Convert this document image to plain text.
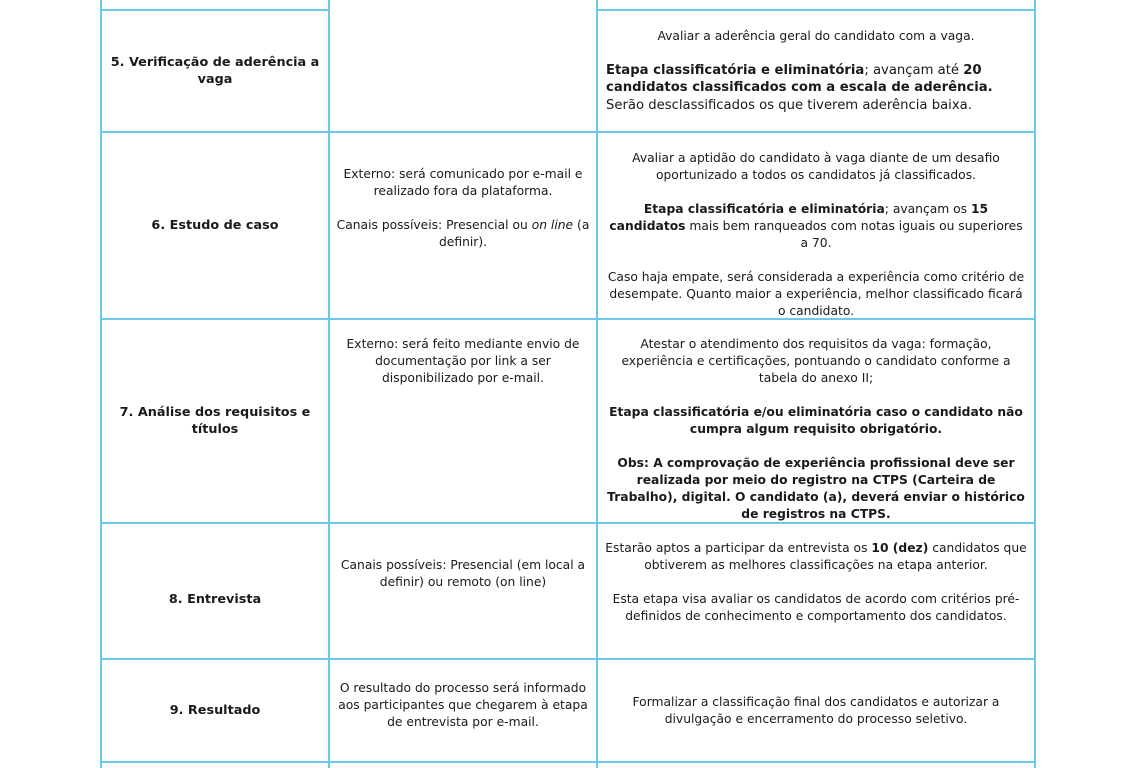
5. Verificação de aderência a vaga

Avaliar a aderência geral do candidato com a vaga.

Etapa classificatória e eliminatória; avançam até 20 candidatos classificados com a escala de aderência. Serão desclassificados os que tiverem aderência baixa.

6. Estudo de caso

Externo: será comunicado por e-mail e realizado fora da plataforma.

Canais possíveis: Presencial ou on line (a definir).

Avaliar a aptidão do candidato à vaga diante de um desafio oportunizado a todos os candidatos já classificados.

Etapa classificatória e eliminatória; avançam os 15 candidatos mais bem ranqueados com notas iguais ou superiores a 70.

Caso haja empate, será considerada a experiência como critério de desempate. Quanto maior a experiência, melhor classificado ficará o candidato.

7. Análise dos requisitos e títulos

Externo: será feito mediante envio de documentação por link a ser disponibilizado por e-mail.

Atestar o atendimento dos requisitos da vaga: formação, experiência e certificações, pontuando o candidato conforme a tabela do anexo II;

Etapa classificatória e/ou eliminatória caso o candidato não cumpra algum requisito obrigatório.

Obs: A comprovação de experiência profissional deve ser realizada por meio do registro na CTPS (Carteira de Trabalho), digital. O candidato (a), deverá enviar o histórico de registros na CTPS.

8. Entrevista

Canais possíveis: Presencial (em local a definir) ou remoto (on line)

Estarão aptos a participar da entrevista os 10 (dez) candidatos que obtiverem as melhores classificações na etapa anterior.

Esta etapa visa avaliar os candidatos de acordo com critérios pré-definidos de conhecimento e comportamento dos candidatos.

9. Resultado

O resultado do processo será informado aos participantes que chegarem à etapa de entrevista por e-mail.

Formalizar a classificação final dos candidatos e autorizar a divulgação e encerramento do processo seletivo.
